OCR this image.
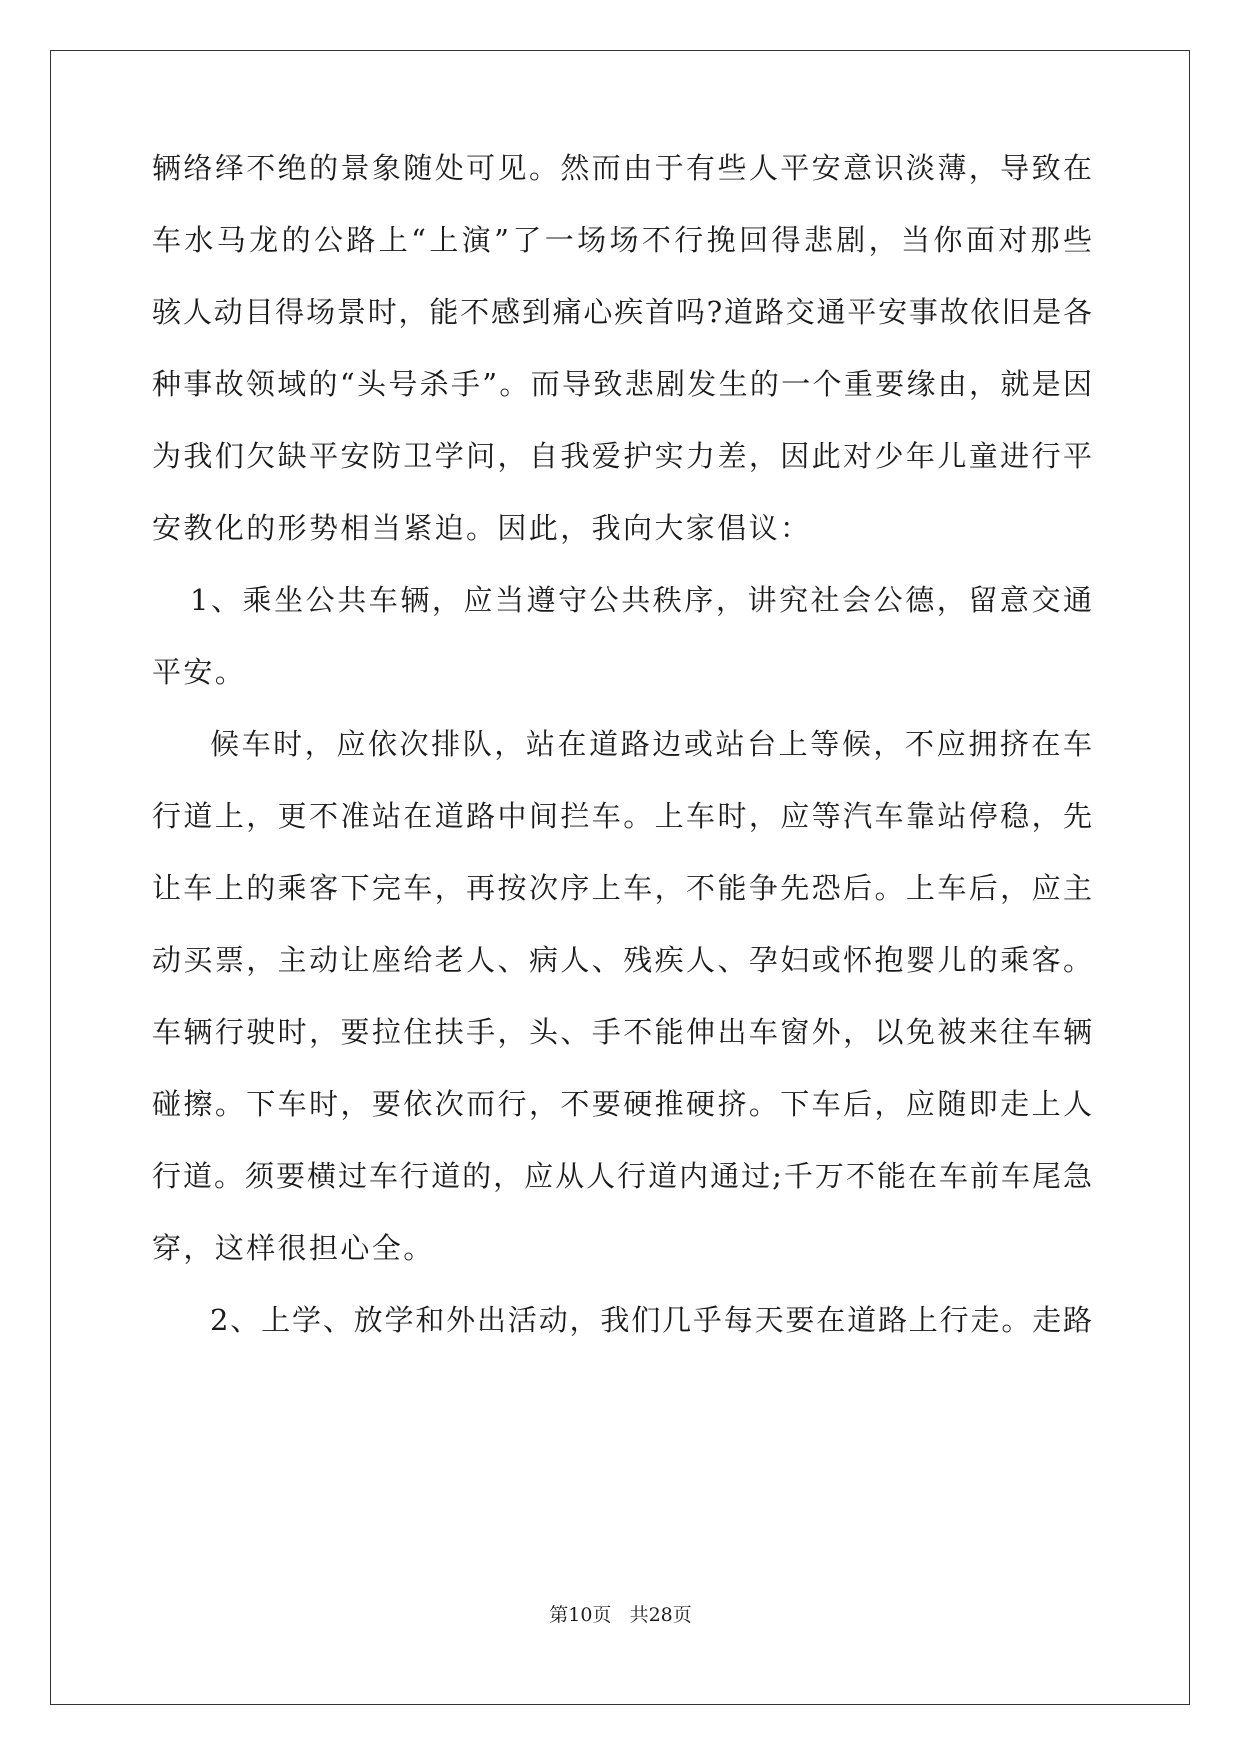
辆络绎不绝的景象随处可见。然而由于有些人平安意识淡薄，导致在
车水马龙的公路上“上演”了一场场不行挽回得悲剧，当你面对那些
骇人动目得场景时，能不感到痛心疾首吗?道路交通平安事故依旧是各
种事故领域的“头号杀手”。而导致悲剧发生的一个重要缘由，就是因
为我们欠缺平安防卫学问，自我爱护实力差，因此对少年儿童进行平
安教化的形势相当紧迫。因此，我向大家倡议：
1、乘坐公共车辆，应当遵守公共秩序，讲究社会公德，留意交通
平安。
候车时，应依次排队，站在道路边或站台上等候，不应拥挤在车
行道上，更不准站在道路中间拦车。上车时，应等汽车靠站停稳，先
让车上的乘客下完车，再按次序上车，不能争先恐后。上车后，应主
动买票，主动让座给老人、病人、残疾人、孕妇或怀抱婴儿的乘客。
车辆行驶时，要拉住扶手，头、手不能伸出车窗外，以免被来往车辆
碰擦。下车时，要依次而行，不要硬推硬挤。下车后，应随即走上人
行道。须要横过车行道的，应从人行道内通过;千万不能在车前车尾急
穿，这样很担心全。
2、上学、放学和外出活动，我们几乎每天要在道路上行走。走路
第10页 共28页
